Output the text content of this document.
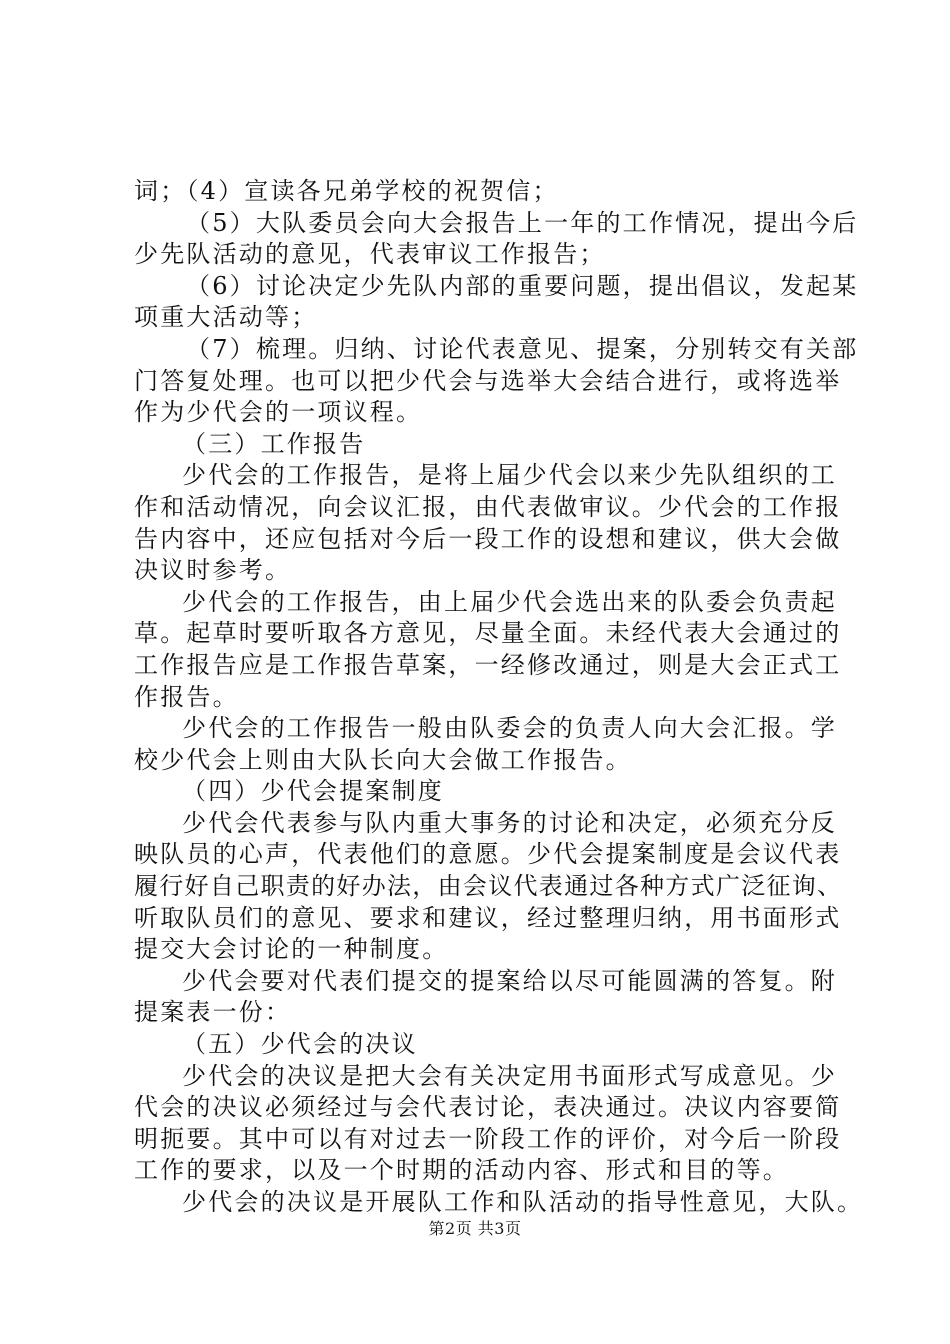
词；（4）宣读各兄弟学校的祝贺信；
（5）大队委员会向大会报告上一年的工作情况，提出今后
少先队活动的意见，代表审议工作报告；
（6）讨论决定少先队内部的重要问题，提出倡议，发起某
项重大活动等；
（7）梳理。归纳、讨论代表意见、提案，分别转交有关部
门答复处理。也可以把少代会与选举大会结合进行，或将选举
作为少代会的一项议程。
（三）工作报告
少代会的工作报告，是将上届少代会以来少先队组织的工
作和活动情况，向会议汇报，由代表做审议。少代会的工作报
告内容中，还应包括对今后一段工作的设想和建议，供大会做
决议时参考。
少代会的工作报告，由上届少代会选出来的队委会负责起
草。起草时要听取各方意见，尽量全面。未经代表大会通过的
工作报告应是工作报告草案，一经修改通过，则是大会正式工
作报告。
少代会的工作报告一般由队委会的负责人向大会汇报。学
校少代会上则由大队长向大会做工作报告。
（四）少代会提案制度
少代会代表参与队内重大事务的讨论和决定，必须充分反
映队员的心声，代表他们的意愿。少代会提案制度是会议代表
履行好自己职责的好办法，由会议代表通过各种方式广泛征询、
听取队员们的意见、要求和建议，经过整理归纳，用书面形式
提交大会讨论的一种制度。
少代会要对代表们提交的提案给以尽可能圆满的答复。附
提案表一份：
（五）少代会的决议
少代会的决议是把大会有关决定用书面形式写成意见。少
代会的决议必须经过与会代表讨论，表决通过。决议内容要简
明扼要。其中可以有对过去一阶段工作的评价，对今后一阶段
工作的要求，以及一个时期的活动内容、形式和目的等。
少代会的决议是开展队工作和队活动的指导性意见，大队。
第2页 共3页
